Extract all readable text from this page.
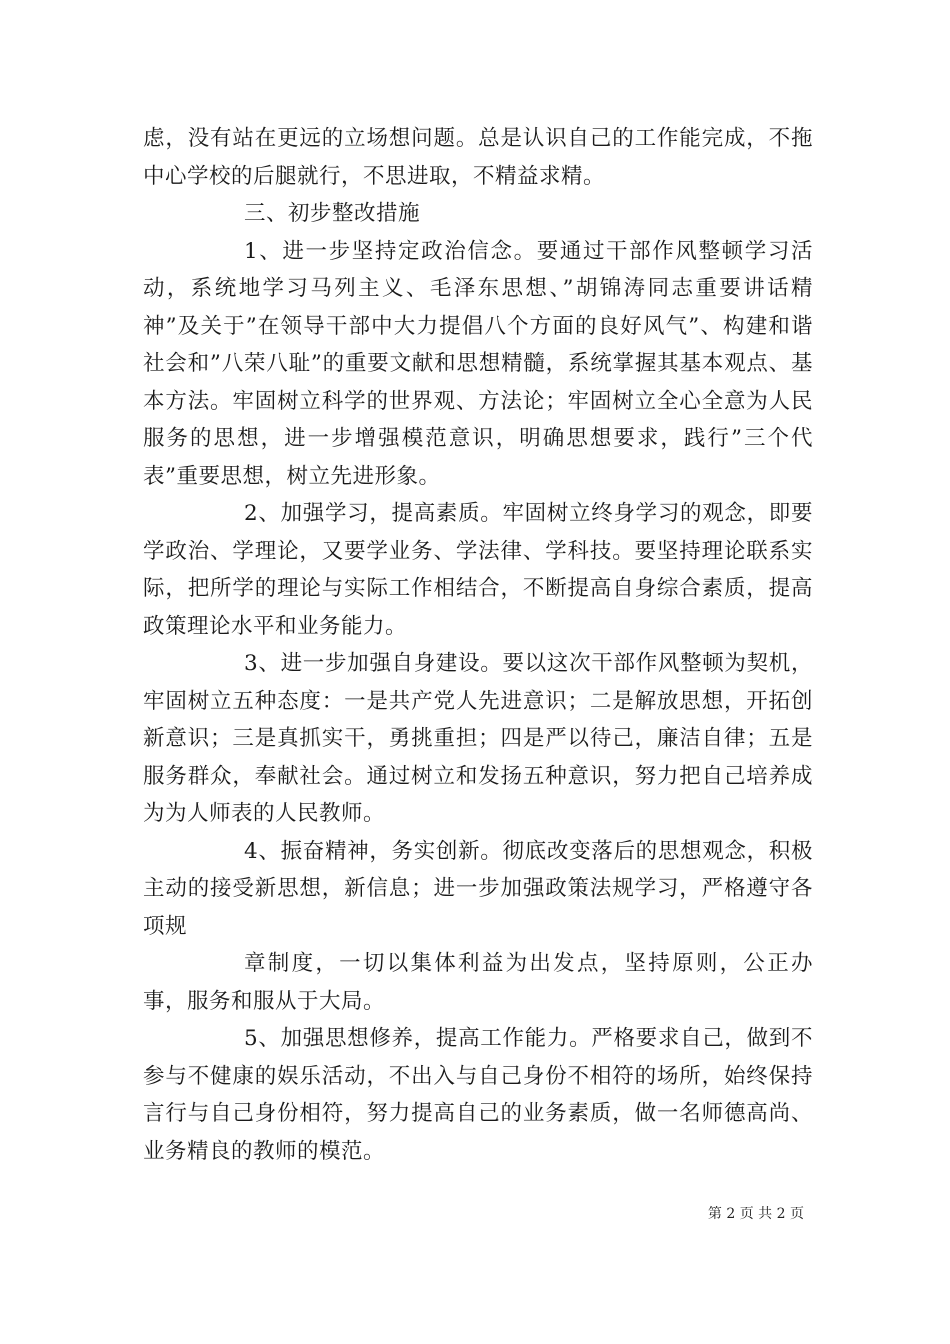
虑，没有站在更远的立场想问题。总是认识自己的工作能完成，不拖中心学校的后腿就行，不思进取，不精益求精。

三、初步整改措施

1、进一步坚持定政治信念。要通过干部作风整顿学习活动，系统地学习马列主义、毛泽东思想、”胡锦涛同志重要讲话精神”及关于”在领导干部中大力提倡八个方面的良好风气”、构建和谐社会和”八荣八耻”的重要文献和思想精髓，系统掌握其基本观点、基本方法。牢固树立科学的世界观、方法论；牢固树立全心全意为人民服务的思想，进一步增强模范意识，明确思想要求，践行”三个代表”重要思想，树立先进形象。

2、加强学习，提高素质。牢固树立终身学习的观念，即要学政治、学理论，又要学业务、学法律、学科技。要坚持理论联系实际，把所学的理论与实际工作相结合，不断提高自身综合素质，提高政策理论水平和业务能力。

3、进一步加强自身建设。要以这次干部作风整顿为契机，牢固树立五种态度：一是共产党人先进意识；二是解放思想，开拓创新意识；三是真抓实干，勇挑重担；四是严以待己，廉洁自律；五是服务群众，奉献社会。通过树立和发扬五种意识，努力把自己培养成为为人师表的人民教师。

4、振奋精神，务实创新。彻底改变落后的思想观念，积极主动的接受新思想，新信息；进一步加强政策法规学习，严格遵守各项规

章制度，一切以集体利益为出发点，坚持原则，公正办事，服务和服从于大局。

5、加强思想修养，提高工作能力。严格要求自己，做到不参与不健康的娱乐活动，不出入与自己身份不相符的场所，始终保持言行与自己身份相符，努力提高自己的业务素质，做一名师德高尚、业务精良的教师的模范。

第 2 页 共 2 页
